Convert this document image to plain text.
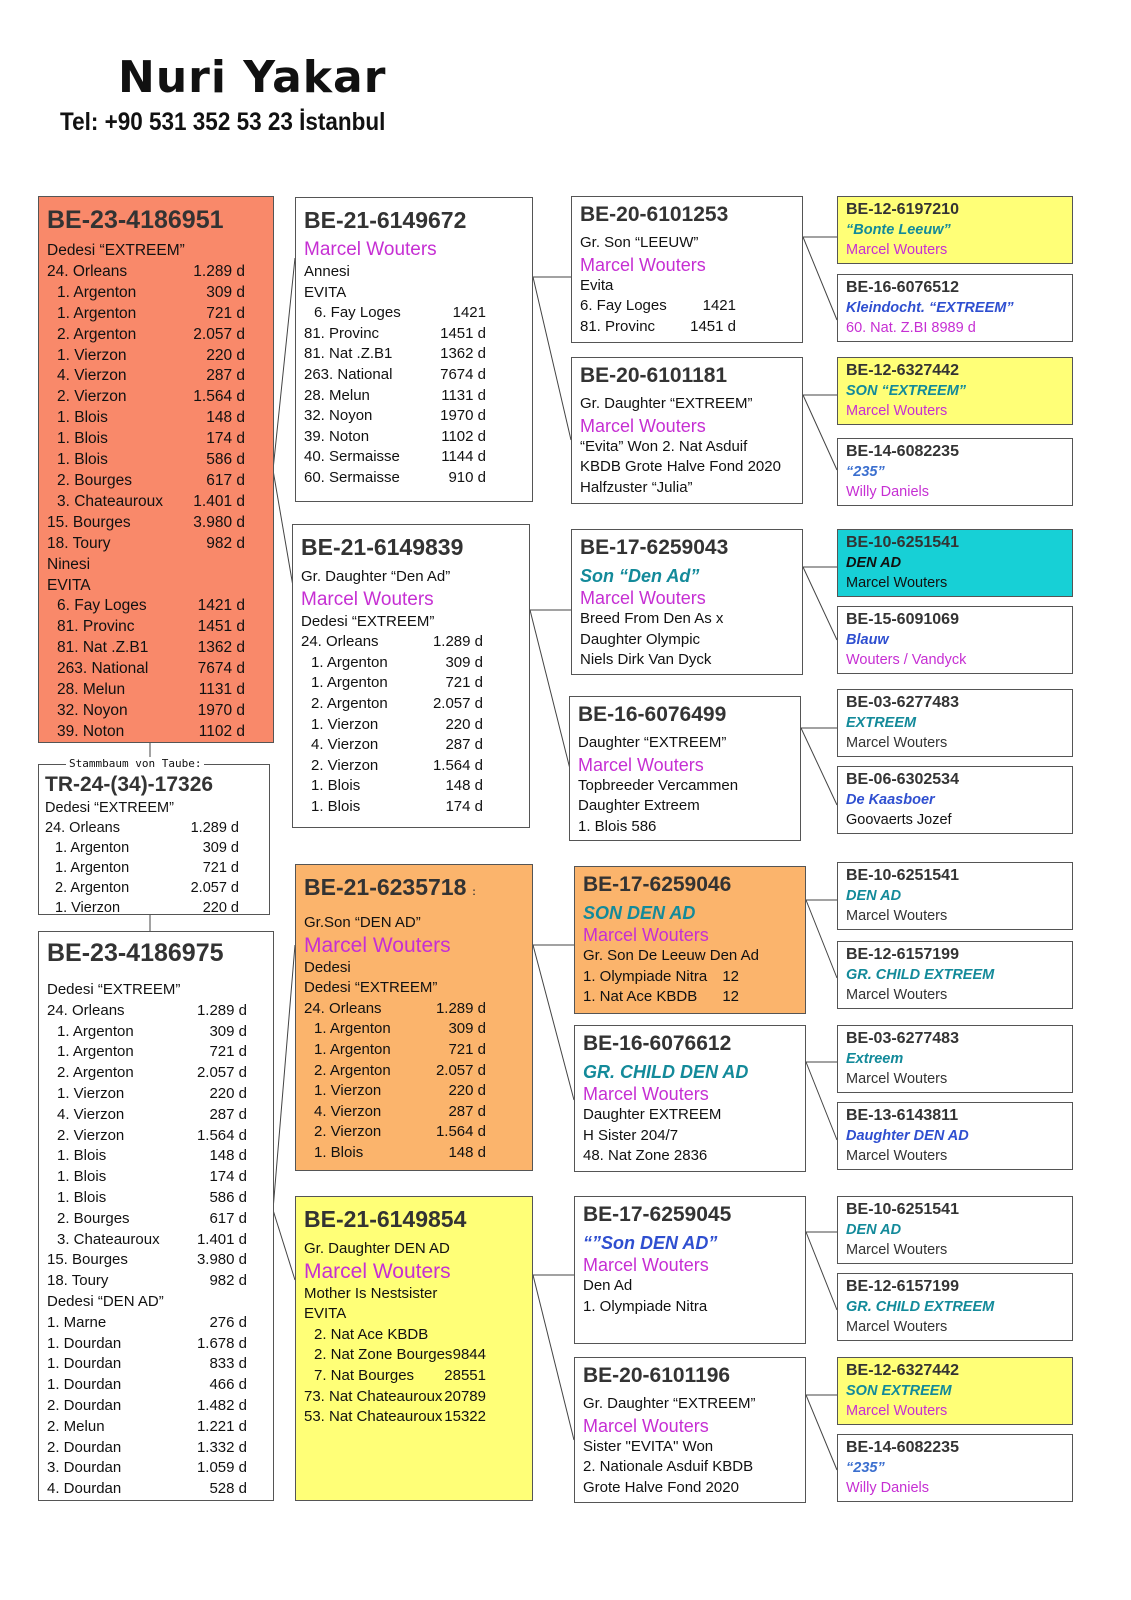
Nuri Yakar
Tel: +90 531 352 53 23 İstanbul
BE-23-4186951
Dedesi “EXTREEM”
24. Orleans	1.289 d
1. Argenton	309 d
1. Argenton	721 d
2. Argenton	2.057 d
1. Vierzon	220 d
4. Vierzon	287 d
2. Vierzon	1.564 d
1. Blois	148 d
1. Blois	174 d
1. Blois	586 d
2. Bourges	617 d
3. Chateauroux 1.401 d
15. Bourges	3.980 d
18. Toury	982 d
Ninesi
EVITA
6. Fay Loges	1421 d
81. Provinc	1451 d
81. Nat .Z.B1	1362 d
263. National	7674 d
28. Melun	1131 d
32. Noyon	1970 d
39. Noton	1102 d
Stammbaum von Taube:
TR-24-(34)-17326
Dedesi “EXTREEM”
24. Orleans	1.289 d
1. Argenton	309 d
1. Argenton	721 d
2. Argenton	2.057 d
1. Vierzon	220 d
BE-23-4186975
Dedesi “EXTREEM”
24. Orleans	1.289 d
1. Argenton	309 d
1. Argenton	721 d
2. Argenton	2.057 d
1. Vierzon	220 d
4. Vierzon	287 d
2. Vierzon	1.564 d
1. Blois	148 d
1. Blois	174 d
1. Blois	586 d
2. Bourges	617 d
3. Chateauroux 1.401 d
15. Bourges	3.980 d
18. Toury	982 d
Dedesi “DEN AD”
1. Marne	276 d
1. Dourdan	1.678 d
1. Dourdan	833 d
1. Dourdan	466 d
2. Dourdan	1.482 d
2. Melun	1.221 d
2. Dourdan	1.332 d
3. Dourdan	1.059 d
4. Dourdan	528 d
BE-21-6149672
Marcel Wouters
Annesi
EVITA
6. Fay Loges	1421
81. Provinc	1451 d
81. Nat .Z.B1	1362 d
263. National	7674 d
28. Melun	1131 d
32. Noyon	1970 d
39. Noton	1102 d
40. Sermaisse	1144 d
60. Sermaisse	910 d
BE-21-6149839
Gr. Daughter “Den Ad”
Marcel Wouters
Dedesi “EXTREEM”
24. Orleans	1.289 d
1. Argenton	309 d
1. Argenton	721 d
2. Argenton	2.057 d
1. Vierzon	220 d
4. Vierzon	287 d
2. Vierzon	1.564 d
1. Blois	148 d
1. Blois	174 d
BE-21-6235718 :
Gr.Son “DEN AD”
Marcel Wouters
Dedesi
Dedesi “EXTREEM”
24. Orleans	1.289 d
1. Argenton	309 d
1. Argenton	721 d
2. Argenton	2.057 d
1. Vierzon	220 d
4. Vierzon	287 d
2. Vierzon	1.564 d
1. Blois	148 d
BE-21-6149854
Gr. Daughter DEN AD
Marcel Wouters
Mother Is Nestsister
EVITA
2. Nat Ace KBDB
2. Nat Zone Bourges 9844
7. Nat Bourges 28551
73. Nat Chateauroux 20789
53. Nat Chateauroux 15322
BE-20-6101253
Gr. Son “LEEUW”
Marcel Wouters
Evita
6. Fay Loges 1421
81. Provinc 1451 d
BE-20-6101181
Gr. Daughter “EXTREEM”
Marcel Wouters
“Evita” Won 2. Nat Asduif
KBDB Grote Halve Fond 2020
Halfzuster “Julia”
BE-17-6259043
Son “Den Ad”
Marcel Wouters
Breed From Den As x
Daughter Olympic
Niels Dirk Van Dyck
BE-16-6076499
Daughter “EXTREEM”
Marcel Wouters
Topbreeder Vercammen
Daughter Extreem
1. Blois 586
BE-17-6259046
SON DEN AD
Marcel Wouters
Gr. Son De Leeuw Den Ad
1. Olympiade Nitra 12
1. Nat Ace KBDB 12
BE-16-6076612
GR. CHILD DEN AD
Marcel Wouters
Daughter EXTREEM
H Sister 204/7
48. Nat Zone 2836
BE-17-6259045
“”Son DEN AD”
Marcel Wouters
Den Ad
1. Olympiade Nitra
BE-20-6101196
Gr. Daughter “EXTREEM”
Marcel Wouters
Sister "EVITA" Won
2. Nationale Asduif KBDB
Grote Halve Fond 2020
BE-12-6197210
“Bonte Leeuw”
Marcel Wouters
BE-16-6076512
Kleindocht. “EXTREEM”
60. Nat. Z.BI 8989 d
BE-12-6327442
SON “EXTREEM”
Marcel Wouters
BE-14-6082235
“235”
Willy Daniels
BE-10-6251541
DEN AD
Marcel Wouters
BE-15-6091069
Blauw
Wouters / Vandyck
BE-03-6277483
EXTREEM
Marcel Wouters
BE-06-6302534
De Kaasboer
Goovaerts Jozef
BE-10-6251541
DEN AD
Marcel Wouters
BE-12-6157199
GR. CHILD EXTREEM
Marcel Wouters
BE-03-6277483
Extreem
Marcel Wouters
BE-13-6143811
Daughter DEN AD
Marcel Wouters
BE-10-6251541
DEN AD
Marcel Wouters
BE-12-6157199
GR. CHILD EXTREEM
Marcel Wouters
BE-12-6327442
SON EXTREEM
Marcel Wouters
BE-14-6082235
“235”
Willy Daniels
